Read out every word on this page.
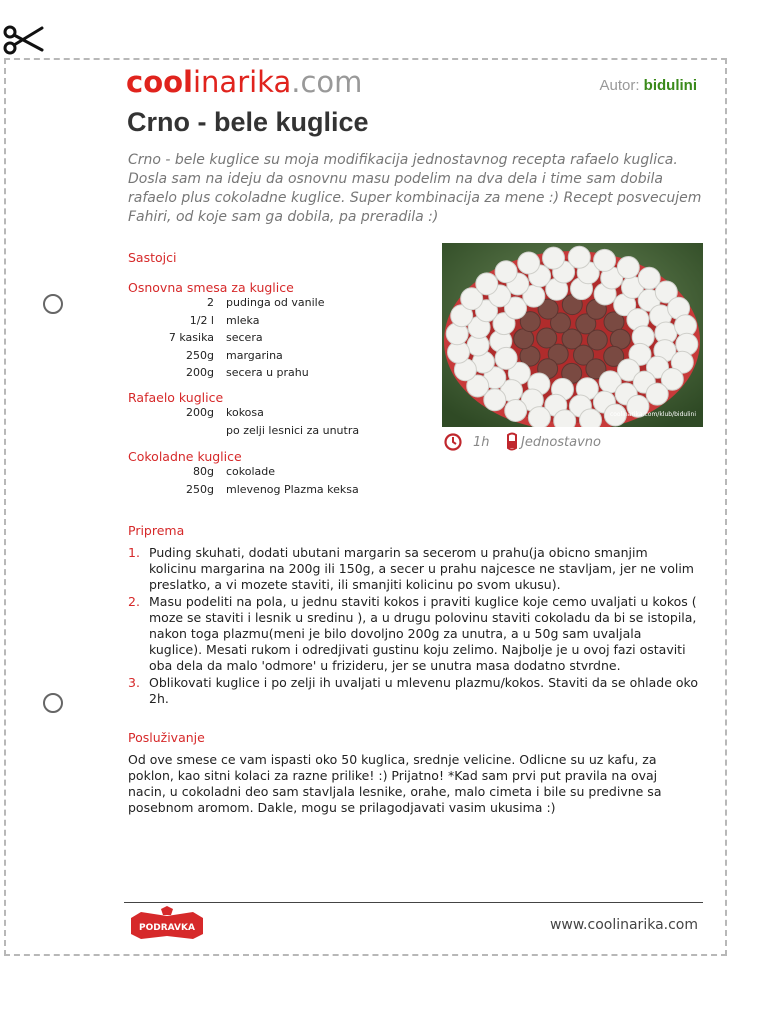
coolinarika.com	Autor: bidulini
Crno - bele kuglice
Crno - bele kuglice su moja modifikacija jednostavnog recepta rafaelo kuglica. Dosla sam na ideju da osnovnu masu podelim na dva dela i time sam dobila rafaelo plus cokoladne kuglice. Super kombinacija za mene :) Recept posvecujem Fahiri, od koje sam ga dobila, pa preradila :)
Sastojci
Osnovna smesa za kuglice
2	pudinga od vanile
1/2 l	mleka
7 kasika	secera
250g	margarina
200g	secera u prahu
Rafaelo kuglice
200g	kokosa
po zelji lesnici za unutra
Cokoladne kuglice
80g	cokolade
250g	mlevenog Plazma keksa
coolinarika.com/klub/bidulini
1h	Jednostavno
Priprema
1. Puding skuhati, dodati ubutani margarin sa secerom u prahu(ja obicno smanjim kolicinu margarina na 200g ili 150g, a secer u prahu najcesce ne stavljam, jer ne volim preslatko, a vi mozete staviti, ili smanjiti kolicinu po svom ukusu).
2. Masu podeliti na pola, u jednu staviti kokos i praviti kuglice koje cemo uvaljati u kokos ( moze se staviti i lesnik u sredinu ), a u drugu polovinu staviti cokoladu da bi se istopila, nakon toga plazmu(meni je bilo dovoljno 200g za unutra, a u 50g sam uvaljala kuglice). Mesati rukom i odredjivati gustinu koju zelimo. Najbolje je u ovoj fazi ostaviti oba dela da malo 'odmore' u frizideru, jer se unutra masa dodatno stvrdne.
3. Oblikovati kuglice i po zelji ih uvaljati u mlevenu plazmu/kokos. Staviti da se ohlade oko 2h.
Posluživanje
Od ove smese ce vam ispasti oko 50 kuglica, srednje velicine. Odlicne su uz kafu, za poklon, kao sitni kolaci za razne prilike! :) Prijatno! *Kad sam prvi put pravila na ovaj nacin, u cokoladni deo sam stavljala lesnike, orahe, malo cimeta i bile su predivne sa posebnom aromom. Dakle, mogu se prilagodjavati vasim ukusima :)
PODRAVKA	www.coolinarika.com
